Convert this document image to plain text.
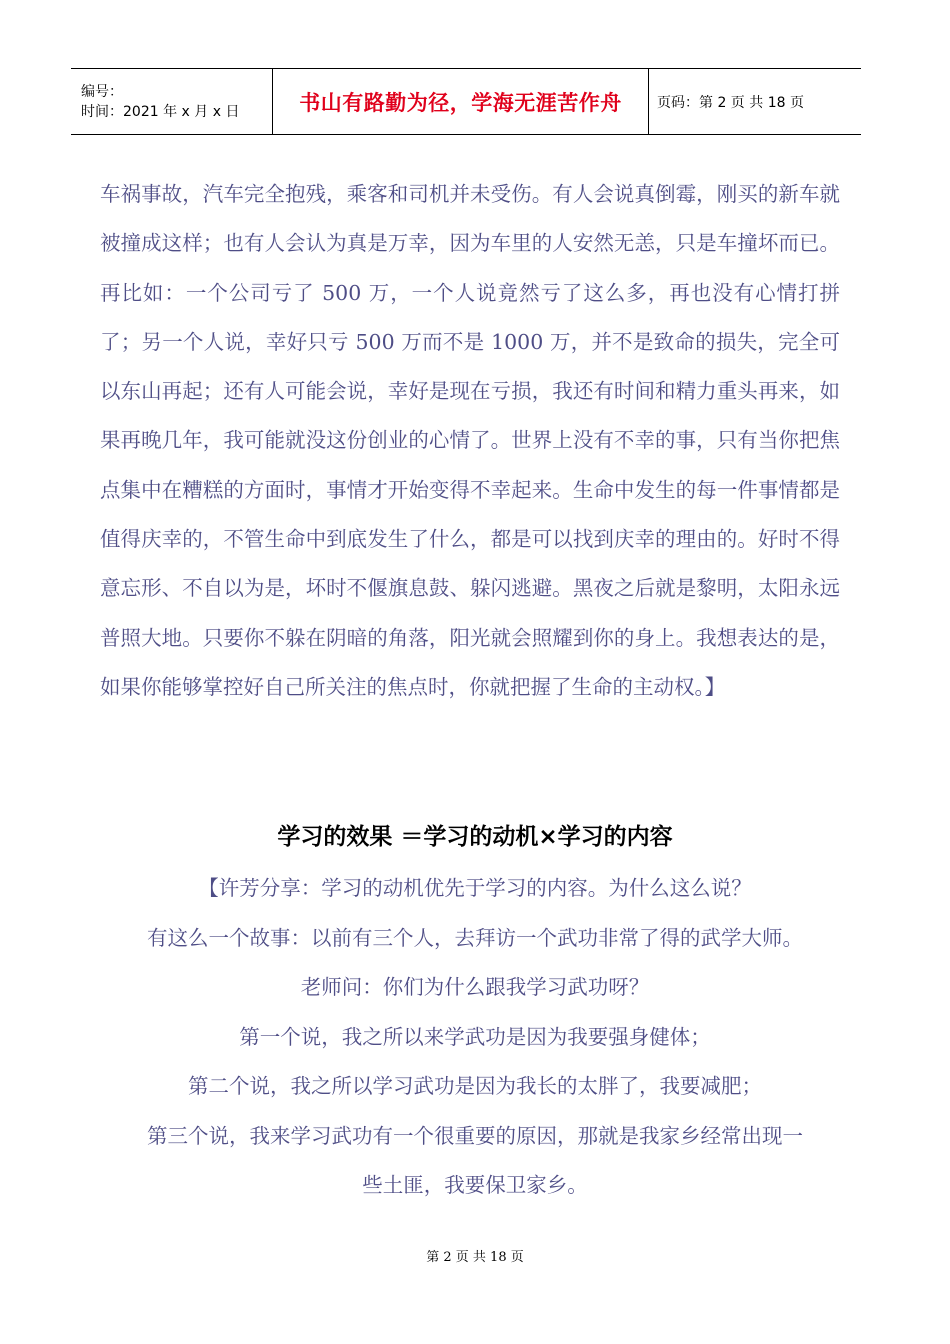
编号：
时间：2021 年 x 月 x 日	书山有路勤为径，学海无涯苦作舟	页码：第 2 页 共 18 页
车祸事故，汽车完全抱残，乘客和司机并未受伤。有人会说真倒霉，刚买的新车就被撞成这样；也有人会认为真是万幸，因为车里的人安然无恙，只是车撞坏而已。再比如：一个公司亏了 500 万，一个人说竟然亏了这么多，再也没有心情打拼了；另一个人说，幸好只亏 500 万而不是 1000 万，并不是致命的损失，完全可以东山再起；还有人可能会说，幸好是现在亏损，我还有时间和精力重头再来，如果再晚几年，我可能就没这份创业的心情了。世界上没有不幸的事，只有当你把焦点集中在糟糕的方面时，事情才开始变得不幸起来。生命中发生的每一件事情都是值得庆幸的，不管生命中到底发生了什么，都是可以找到庆幸的理由的。好时不得意忘形、不自以为是，坏时不偃旗息鼓、躲闪逃避。黑夜之后就是黎明，太阳永远普照大地。只要你不躲在阴暗的角落，阳光就会照耀到你的身上。我想表达的是，如果你能够掌控好自己所关注的焦点时，你就把握了生命的主动权。】
学习的效果 ＝学习的动机×学习的内容
【许芳分享：学习的动机优先于学习的内容。为什么这么说？
有这么一个故事：以前有三个人，去拜访一个武功非常了得的武学大师。
老师问：你们为什么跟我学习武功呀？
第一个说，我之所以来学武功是因为我要强身健体；
第二个说，我之所以学习武功是因为我长的太胖了，我要减肥；
第三个说，我来学习武功有一个很重要的原因，那就是我家乡经常出现一
些土匪，我要保卫家乡。
第 2 页 共 18 页
